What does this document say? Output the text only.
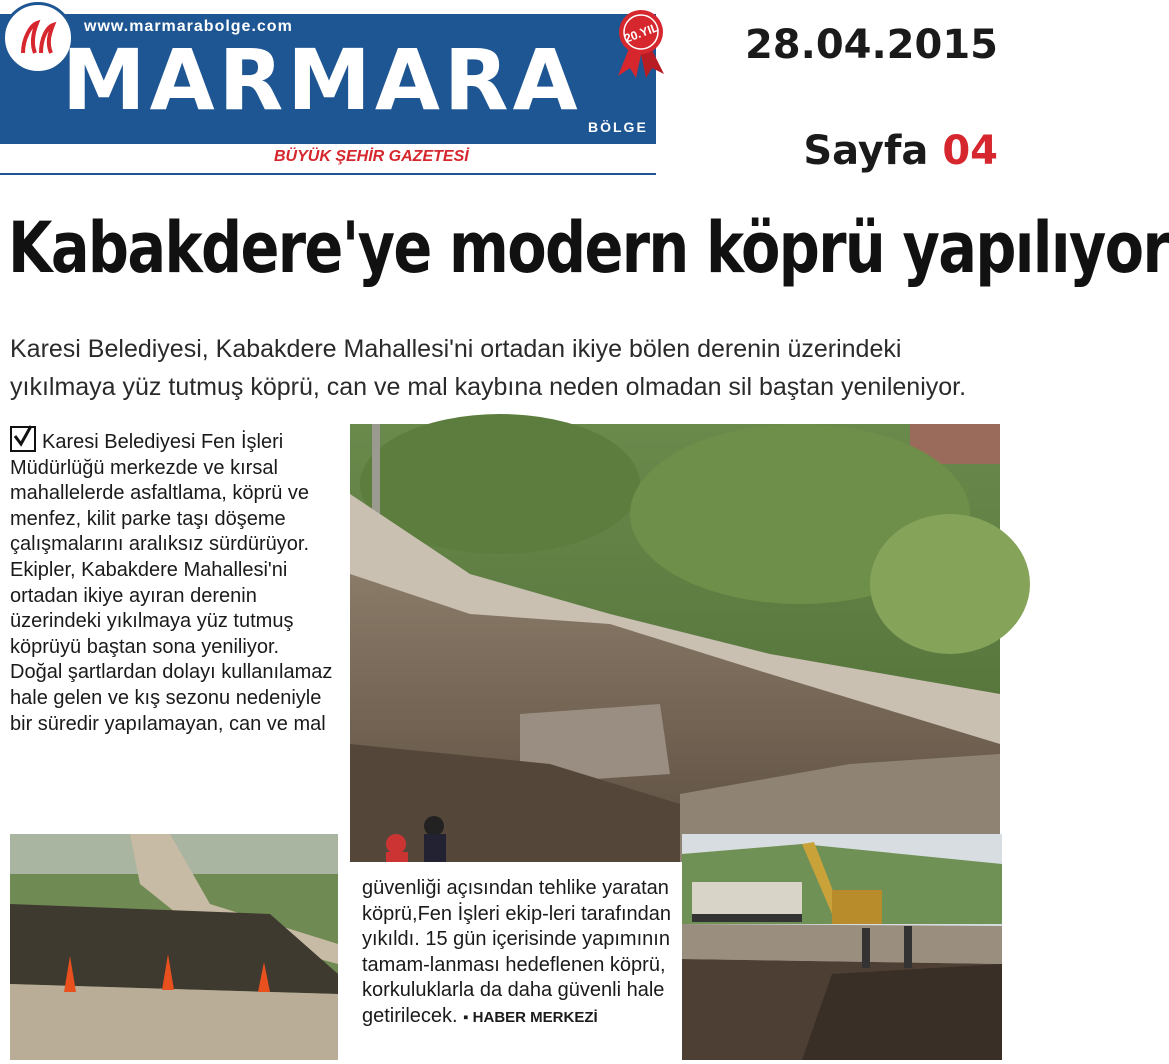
www.marmarabolge.com
MARMARA BÖLGE
BÜYÜK ŞEHİR GAZETESİ
20.YIL 28.04.2015
Sayfa 04
Kabakdere'ye modern köprü yapılıyor
Karesi Belediyesi, Kabakdere Mahallesi'ni ortadan ikiye bölen derenin üzerindeki yıkılmaya yüz tutmuş köprü, can ve mal kaybına neden olmadan sil baştan yenileniyor.

Karesi Belediyesi Fen İşleri Müdürlüğü merkezde ve kırsal mahallelerde asfaltlama, köprü ve menfez, kilit parke taşı döşeme çalışmalarını aralıksız sürdürüyor. Ekipler, Kabakdere Mahallesi'ni ortadan ikiye ayıran derenin üzerindeki yıkılmaya yüz tutmuş köprüyü baştan sona yeniliyor.

Doğal şartlardan dolayı kullanılamaz hale gelen ve kış sezonu nedeniyle bir süredir yapılamayan, can ve mal

güvenliği açısından tehlike yaratan köprü,Fen İşleri ekip-leri tarafından yıkıldı. 15 gün içerisinde yapımının tamam-lanması hedeflenen köprü, korkuluklarla da daha güvenli hale getirilecek. ▪ HABER MERKEZİ
